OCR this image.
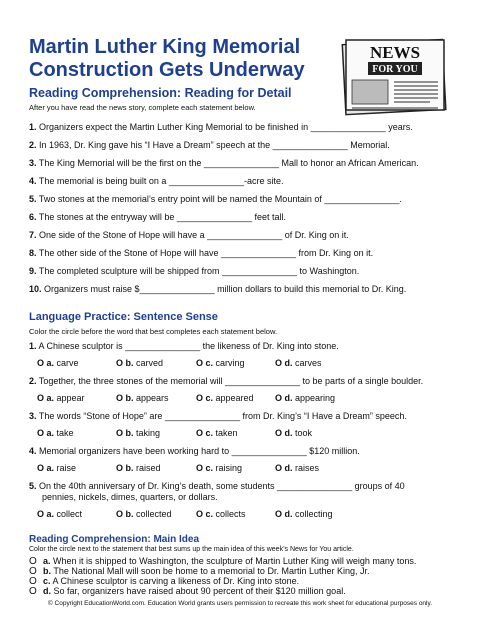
Martin Luther King Memorial
Construction Gets Underway
NEWS
FOR YOU
Reading Comprehension: Reading for Detail
After you have read the news story, complete each statement below.
1. Organizers expect the Martin Luther King Memorial to be finished in _______________ years.
2. In 1963, Dr. King gave his “I Have a Dream” speech at the _______________ Memorial.
3. The King Memorial will be the first on the _______________ Mall to honor an African American.
4. The memorial is being built on a _______________-acre site.
5. Two stones at the memorial’s entry point will be named the Mountain of _______________.
6. The stones at the entryway will be _______________ feet tall.
7. One side of the Stone of Hope will have a _______________ of Dr. King on it.
8. The other side of the Stone of Hope will have _______________ from Dr. King on it.
9. The completed sculpture will be shipped from _______________ to Washington.
10. Organizers must raise $_______________ million dollars to build this memorial to Dr. King.
Language Practice: Sentence Sense
Color the circle before the word that best completes each statement below.
1. A Chinese sculptor is _______________ the likeness of Dr. King into stone.
O a. carve	O b. carved	O c. carving	O d. carves
2. Together, the three stones of the memorial will _______________ to be parts of a single boulder.
O a. appear	O b. appears	O c. appeared O d. appearing
3. The words “Stone of Hope” are _______________ from Dr. King’s “I Have a Dream” speech.
O a. take	O b. taking	O c. taken	O d. took
4. Memorial organizers have been working hard to _______________ $120 million.
O a. raise	O b. raised	O c. raising	O d. raises
5. On the 40th anniversary of Dr. King’s death, some students _______________ groups of 40
pennies, nickels, dimes, quarters, or dollars.
O a. collect	O b. collected	O c. collects	O d. collecting
Reading Comprehension: Main Idea
Color the circle next to the statement that best sums up the main idea of this week’s News for You article.
O a. When it is shipped to Washington, the sculpture of Martin Luther King will weigh many tons.
O b. The National Mall will soon be home to a memorial to Dr. Martin Luther King, Jr.
O c. A Chinese sculptor is carving a likeness of Dr. King into stone.
O d. So far, organizers have raised about 90 percent of their $120 million goal.
© Copyright EducationWorld.com. Education World grants users permission to recreate this work sheet for educational purposes only.
